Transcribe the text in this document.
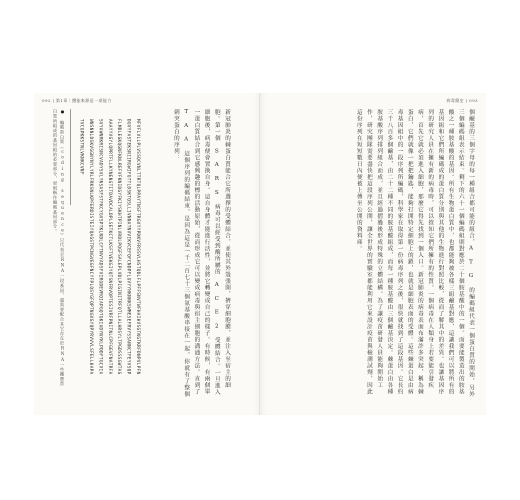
092 | 第1章｜體能來源是一項能力
新冠肺炎的棘蛋白質能合它所選擇的受體結合，並使其外殼張開，擠穿細胞膜，並注入至宿主的細胞。第一個 S A R S 病毒可以經受到酶所屬的 A C E 2 受體結合。一旦進入細胞後，病毒便會置換自身。這自身體才能進行活性，並將它轉變成自己的樣子。有時候，有兩個單一蛋白質結合到它感興趣的標的活動原始，從而形成它可以變成病毒與宿主細胞的溝通方法。直到了 T A A 這個序列的編碼結束，是因為這是一千二百七十三個氨基酸串接在一起，你就有了整個刺突蛋白的序列：
MFVFLVLLPLVSSQCVNLTTRTQLPPAYTNSFTRGVYYPDKVFRSSVLHSTQDLFLPFFSNVTWFHAIHVSGTNGTKRFDNPVLPFNDGVYFASTEKSNIIRGWIFGTTLDSKTQSLLIVNNATNVVIKVCEFQFCNDPFLGVYYHKNNKSWMESEFRVYSSANNCTFEYVSQPFLMDLEGKQGNFKNLREFVFKNIDGYFKIYSKHTPINLVRDLPQGFSALEPLVDLPIGINITRFQTLLALHRSYLTPGDSSSGWTAGAAAYYVGYLQPRTFLLKYNENGTITDAVDCALDPLSETKCTLKSFTVEKGIYQTSNFRVQPTESIVRFPNITNLCPFGEVFNATRFASVYAWNRKRISNCVADYSVLYNSASFSTFKCYGVSPTKLNDLCFTNVYADSFVIRGDEVRQIAPGQTGKIADYNYKLPDDFTGCVIAWNSNNLDSKVGGNYNYLYRLFRKSNLKPFERDISTEIYQAGSTPCNGVEGFNCYFPLQSYGFQPTNGVGYQPYRVVVLSFELLHAPATVCGPKKSTNLVKNKCVNF
● 編碼蛋白質（coding sequence）只代表至RNA一段基因，還需要配合其它存在於RNA一些攜帶蛋白質所組成的基因組的必要部分，原則稱作編碼基因部分。
病毒簡史 | 093
個鹼基的三個字母的每一種組合都可能的組合，A T G 的編碼組代表一個蛋白質的開始，另外三個編碼組表示結束。剩下的六十一個編碼組則對應於二十個胺基酸中的一個。而要能製造出的胺基酸之一種胺基酸的基因。所有生物蛋白質中，也都能夠被各樣三組鹼基對應，這讓我們可以將所有的基因組和它們所編碼成的蛋白質分別與其他的生物進行對照比較，從而了解其中的差異。也讓基因序列的研究人員在擁有新的病毒時，可以推知它們所擁有的性質。一個病毒在人類身上若要能引發疾病，首先它就必須進入細胞，那麼它得先找到一個入口。新冠肺炎的病毒表面布滿許多突起，稱為棘蛋白，它們就像一把把鑰匙，能夠打開特定細胞上的鎖，也就是細胞表面的受體。這些棘蛋白是由病毒基因組中的一段序列所編碼，科學家在取得第一份病毒序列之後，很快就找到了這段基因。它長約三千八百多個鹼基，由二十二種不同的胺基酸組成，而每一種胺基酸由三個鹼基決定。棘蛋白由各種胺基酸序列排列組合而成，並且經過摺疊後形成特殊的立體結構。為了讓疫苗研發人員能夠開始工作，研究團隊需要盡快把這段序列公開，讓全世界的實驗室都能利用它來設計疫苗與檢測試劑，因此這份序列在短短數日內便被上傳至公開的資料庫。
